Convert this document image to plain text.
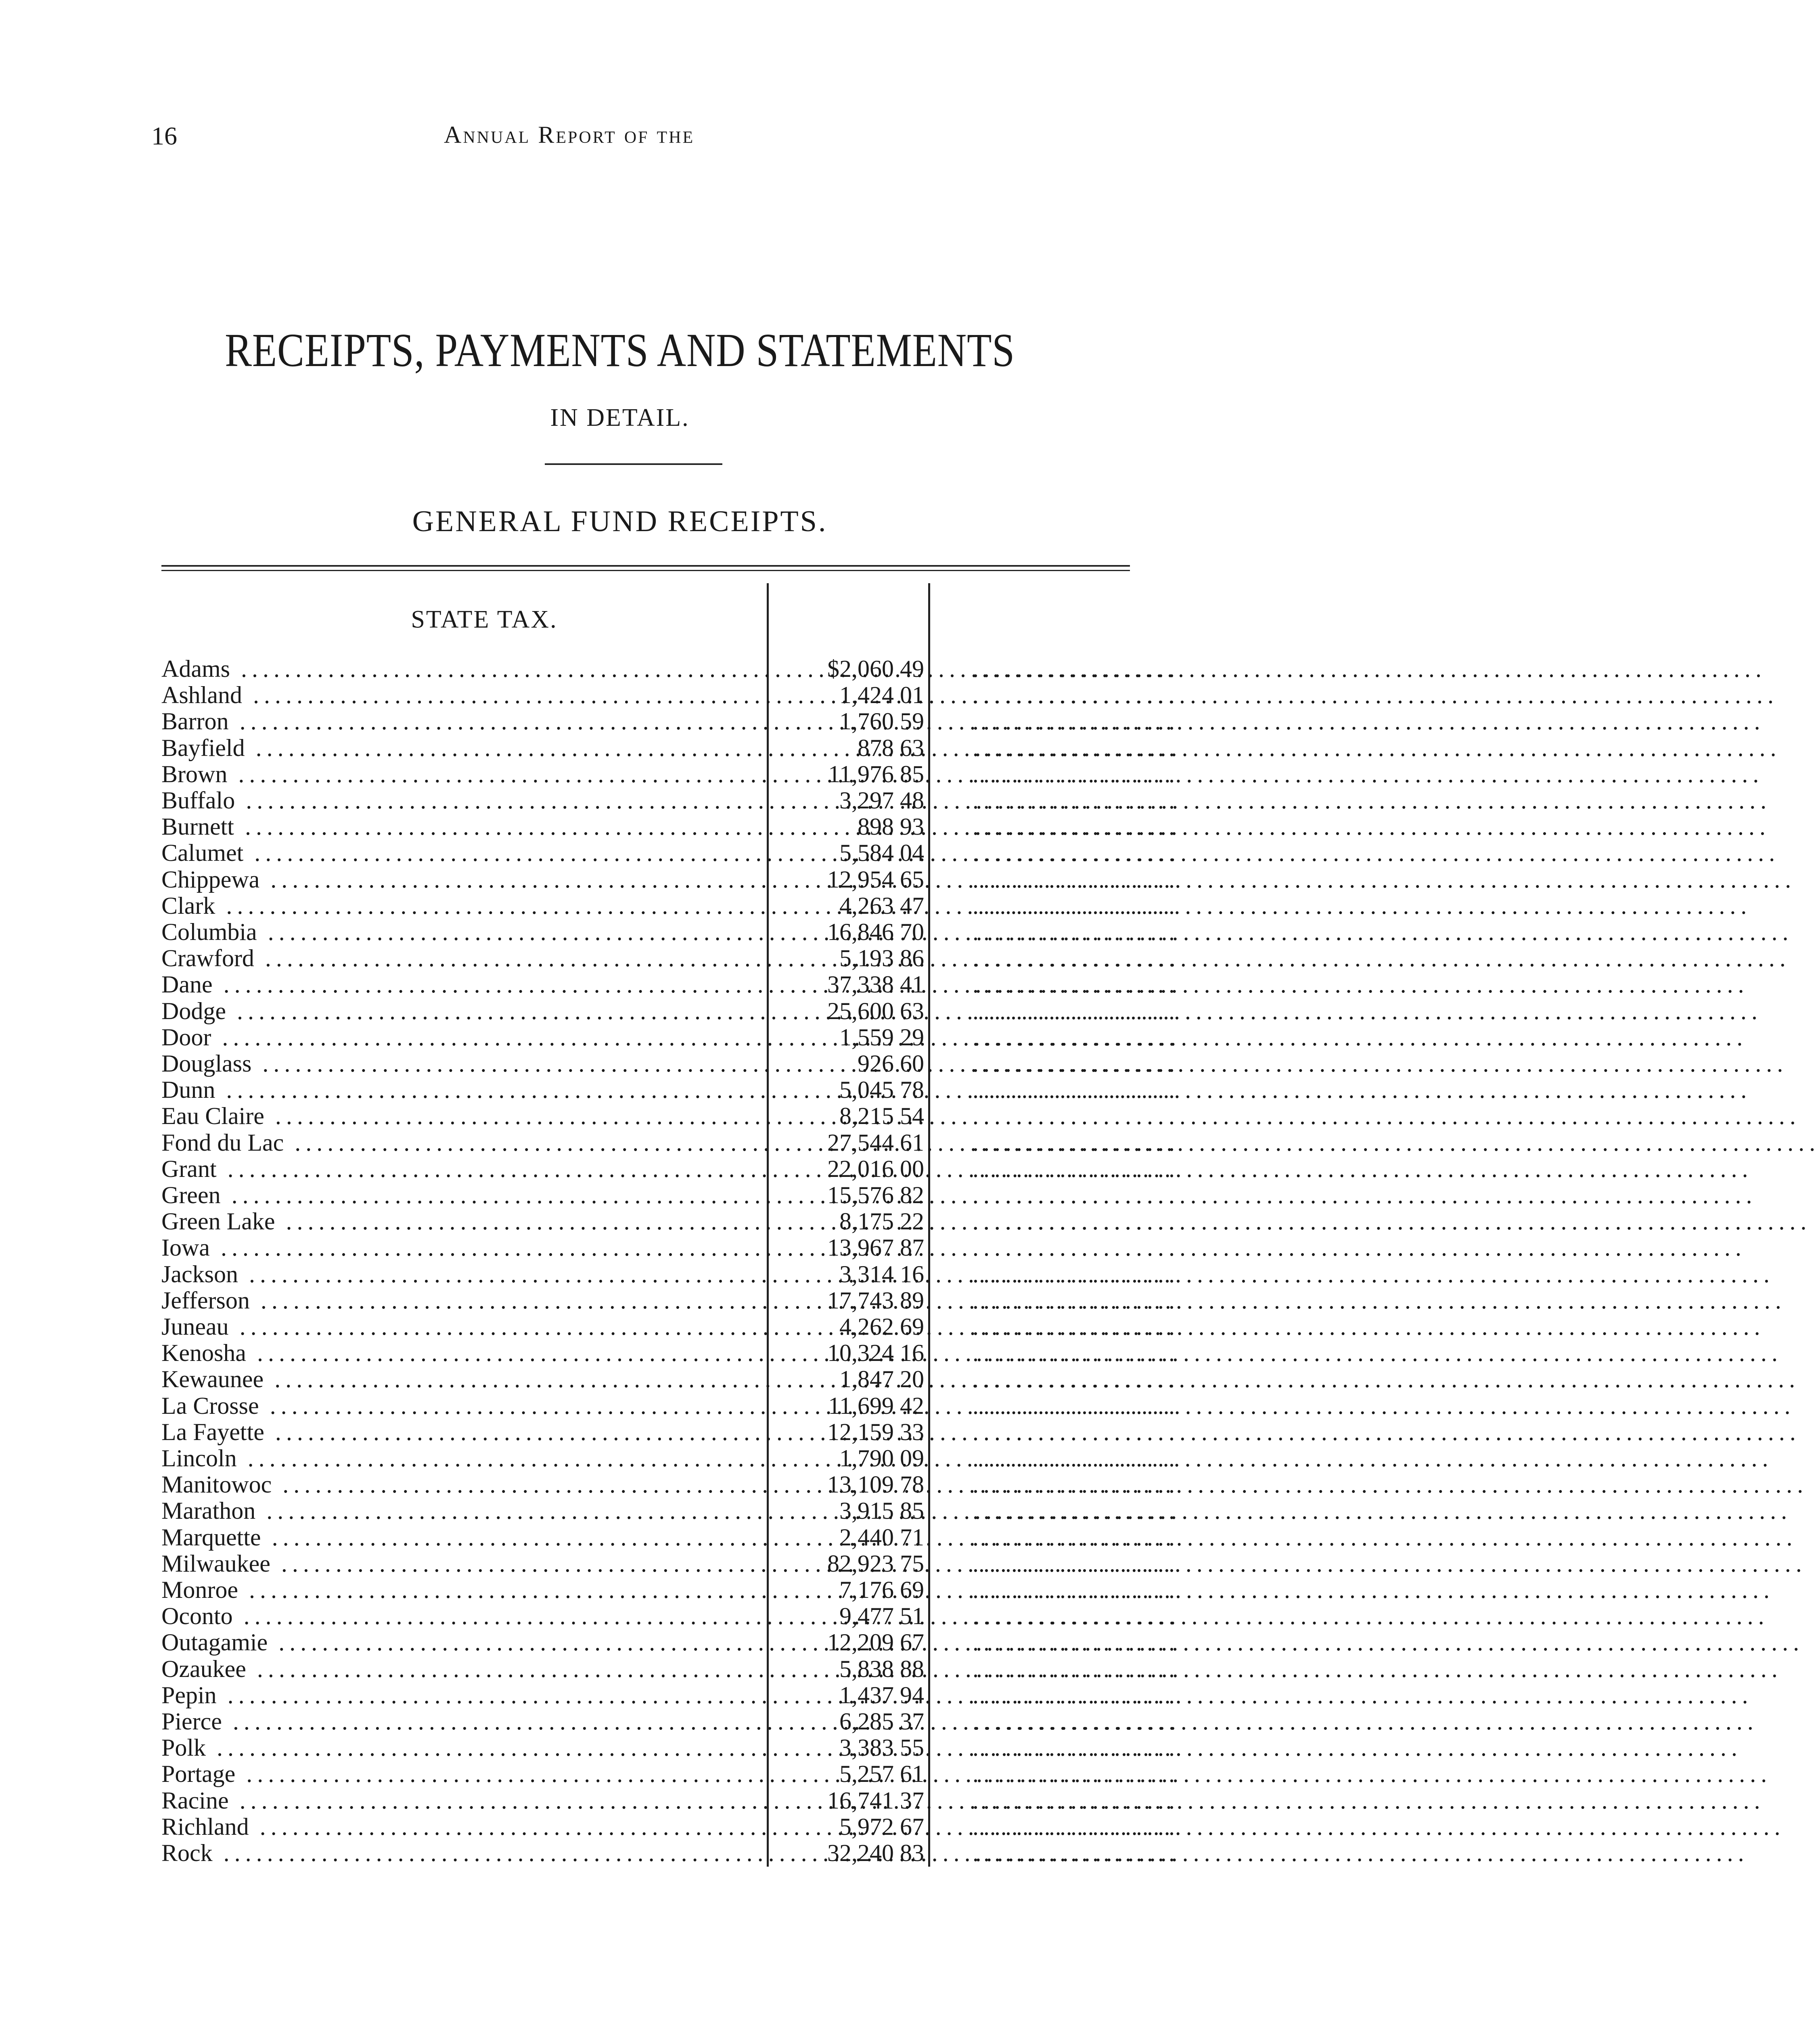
16	Annual Report of the
RECEIPTS, PAYMENTS AND STATEMENTS
IN DETAIL.
GENERAL FUND RECEIPTS.
STATE TAX.
Adams .....	$2,060 49 ...................
Ashland .....	1,424 01 ...................
Barron .....	1,760 59 ...................
Bayfield .....	878 63 ...................
Brown .....	11,976 85 ...................
Buffalo .....	3,297 48 ...................
Burnett .....	898 93 ...................
Calumet .....	5,584 04 ...................
Chippewa .....	12,954 65 ...................
Clark .....	4,263 47 ...................
Columbia .....	16,846 70 ...................
Crawford .....	5,193 86 ...................
Dane .....	37,338 41 ...................
Dodge .....	25,600 63 ...................
Door .....	1,559 29 ...................
Douglass .....	926 60 ...................
Dunn .....	5,045 78 ...................
Eau Claire .....	8,215 54 ...................
Fond du Lac .....	27,544 61 ...................
Grant .....	22,016 00 ...................
Green .....	15,576 82 ...................
Green Lake .....	8,175 22 ...................
Iowa .....	13,967 87 ...................
Jackson .....	3,314 16 ...................
Jefferson .....	17,743 89 ...................
Juneau .....	4,262 69 ...................
Kenosha .....	10,324 16 ...................
Kewaunee .....	1,847 20 ...................
La Crosse .....	11,699 42 ...................
La Fayette .....	12,159 33 ...................
Lincoln .....	1,790 09 ...................
Manitowoc .....	13,109 78 ...................
Marathon .....	3,915 85 ...................
Marquette .....	2,440 71 ...................
Milwaukee .....	82,923 75 ...................
Monroe .....	7,176 69 ...................
Oconto .....	9,477 51 ...................
Outagamie .....	12,209 67 ...................
Ozaukee .....	5,838 88 ...................
Pepin .....	1,437 94 ...................
Pierce .....	6,285 37 ...................
Polk .....	3,383 55 ...................
Portage .....	5,257 61 ...................
Racine .....	16,741 37 ...................
Richland .....	5,972 67 ...................
Rock .....	32,240 83 ...................
